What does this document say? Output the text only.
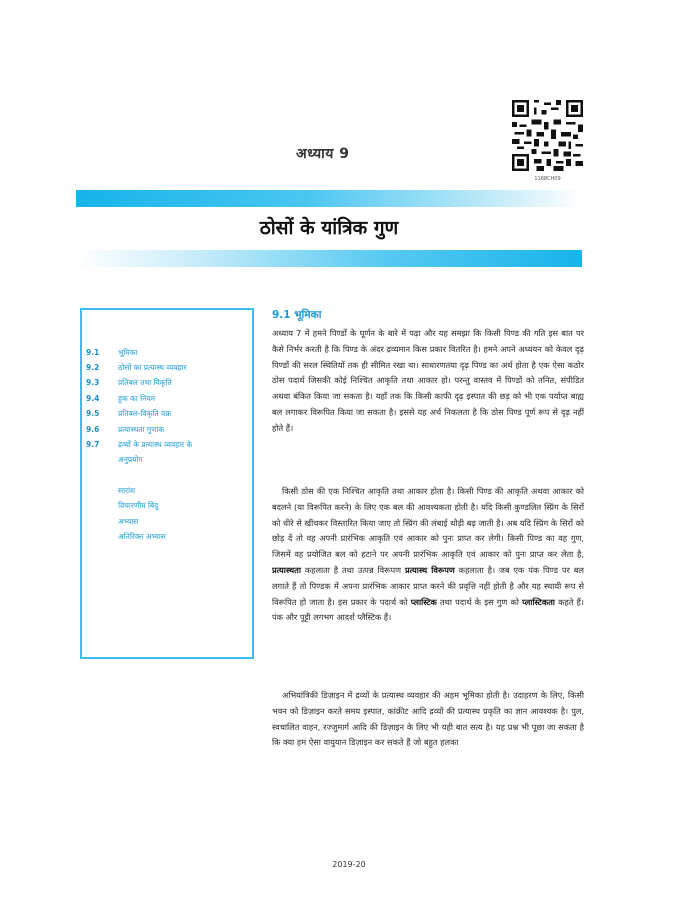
अध्याय 9
1168CH09
ठोसों के यांत्रिक गुण
9.1 भूमिका
9.2 ठोसों का प्रत्यास्थ व्यवहार
9.3 प्रतिबल तथा विकृति
9.4 हुक का नियम
9.5 प्रतिबल-विकृति वक्र
9.6 प्रत्यास्थता गुणांक
9.7 द्रव्यों के प्रत्यास्थ व्यवहार के
अनुप्रयोग
सारांश
विचारणीय बिंदु
अभ्यास
अतिरिक्त अभ्यास
9.1 भूमिका
अध्याय 7 में हमने पिण्डों के घूर्णन के बारे में पढ़ा और यह समझा कि किसी पिण्ड की गति इस बात पर कैसे निर्भर करती है कि पिण्ड के अंदर द्रव्यमान किस प्रकार वितरित है। हमने अपने अध्ययन को केवल दृढ़ पिण्डों की सरल स्थितियों तक ही सीमित रखा था। साधारणतया दृढ़ पिण्ड का अर्थ होता है एक ऐसा कठोर ठोस पदार्थ जिसकी कोई निश्चित आकृति तथा आकार हो। परन्तु वास्तव में पिण्डों को तनित, संपीडित अथवा बंकित किया जा सकता है। यहाँ तक कि किसी काफी दृढ़ इस्पात की छड़ को भी एक पर्याप्त बाह्य बल लगाकर विरूपित किया जा सकता है। इससे यह अर्थ निकलता है कि ठोस पिण्ड पूर्ण रूप से दृढ़ नहीं होते हैं।
किसी ठोस की एक निश्चित आकृति तथा आकार होता है। किसी पिण्ड की आकृति अथवा आकार को बदलने (या विरूपित करने) के लिए एक बल की आवश्यकता होती है। यदि किसी कुण्डलित स्प्रिंग के सिरों को धीरे से खींचकर विस्तारित किया जाए तो स्प्रिंग की लंबाई थोड़ी बढ़ जाती है। अब यदि स्प्रिंग के सिरों को छोड़ दें तो वह अपनी प्रारंभिक आकृति एवं आकार को पुनः प्राप्त कर लेगी। किसी पिण्ड का वह गुण, जिसमें वह प्रयोजित बल को हटाने पर अपनी प्रारंभिक आकृति एवं आकार को पुनः प्राप्त कर लेता है, प्रत्यास्थता कहलाता है तथा उत्पन्न विरूपण प्रत्यास्थ विरूपण कहलाता है। जब एक पंक पिण्ड पर बल लगाते हैं तो पिण्डक में अपना प्रारंभिक आकार प्राप्त करने की प्रवृत्ति नहीं होती है और यह स्थायी रूप से विरूपित हो जाता है। इस प्रकार के पदार्थ को प्लास्टिक तथा पदार्थ के इस गुण को प्लास्टिकता कहते हैं। पंक और पुट्टी लगभग आदर्श प्लैस्टिक हैं।
अभियांत्रिकी डिज़ाइन में द्रव्यों के प्रत्यास्थ व्यवहार की अहम भूमिका होती है। उदाहरण के लिए, किसी भवन को डिज़ाइन करते समय इस्पात, कांक्रीट आदि द्रव्यों की प्रत्यास्थ प्रकृति का ज्ञान आवश्यक है। पुल, स्वचालित वाहन, रज्जुमार्ग आदि की डिज़ाइन के लिए भी यही बात सत्य है। यह प्रश्न भी पूछा जा सकता है कि क्या हम ऐसा वायुयान डिज़ाइन कर सकते हैं जो बहुत हलका
2019-20
